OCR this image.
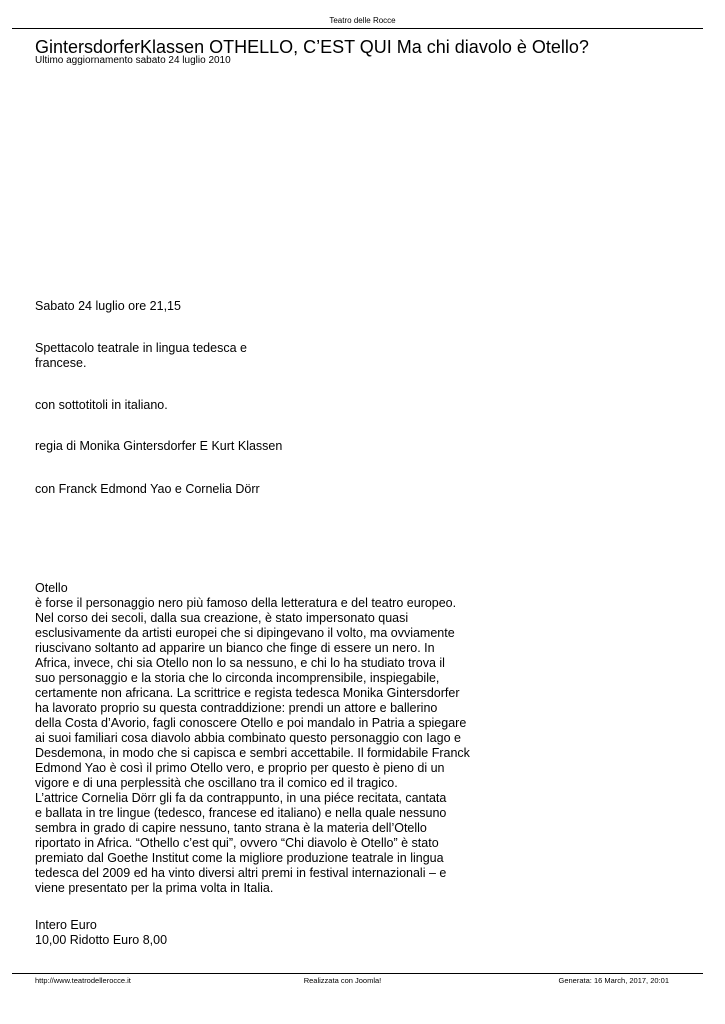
Teatro delle Rocce
GintersdorferKlassen OTHELLO, C’EST QUI Ma chi diavolo è Otello?
Ultimo aggiornamento sabato 24 luglio 2010

Sabato 24 luglio ore 21,15

Spettacolo teatrale in lingua tedesca e
francese.

con sottotitoli in italiano.

regia di Monika Gintersdorfer E Kurt Klassen

con Franck Edmond Yao e Cornelia Dörr

Otello
è forse il personaggio nero più famoso della letteratura e del teatro europeo.
Nel corso dei secoli, dalla sua creazione, è stato impersonato quasi
esclusivamente da artisti europei che si dipingevano il volto, ma ovviamente
riuscivano soltanto ad apparire un bianco che finge di essere un nero. In
Africa, invece, chi sia Otello non lo sa nessuno, e chi lo ha studiato trova il
suo personaggio e la storia che lo circonda incomprensibile, inspiegabile,
certamente non africana. La scrittrice e regista tedesca Monika Gintersdorfer
ha lavorato proprio su questa contraddizione: prendi un attore e ballerino
della Costa d’Avorio, fagli conoscere Otello e poi mandalo in Patria a spiegare
ai suoi familiari cosa diavolo abbia combinato questo personaggio con Iago e
Desdemona, in modo che si capisca e sembri accettabile. Il formidabile Franck
Edmond Yao è così il primo Otello vero, e proprio per questo è pieno di un
vigore e di una perplessità che oscillano tra il comico ed il tragico.
L’attrice Cornelia Dörr gli fa da contrappunto, in una piéce recitata, cantata
e ballata in tre lingue (tedesco, francese ed italiano) e nella quale nessuno
sembra in grado di capire nessuno, tanto strana è la materia dell’Otello
riportato in Africa. “Othello c’est qui”, ovvero “Chi diavolo è Otello” è stato
premiato dal Goethe Institut come la migliore produzione teatrale in lingua
tedesca del 2009 ed ha vinto diversi altri premi in festival internazionali – e
viene presentato per la prima volta in Italia.

Intero Euro
10,00 Ridotto Euro 8,00

http://www.teatrodellerocce.it	Realizzata con Joomla!	Generata: 16 March, 2017, 20:01
